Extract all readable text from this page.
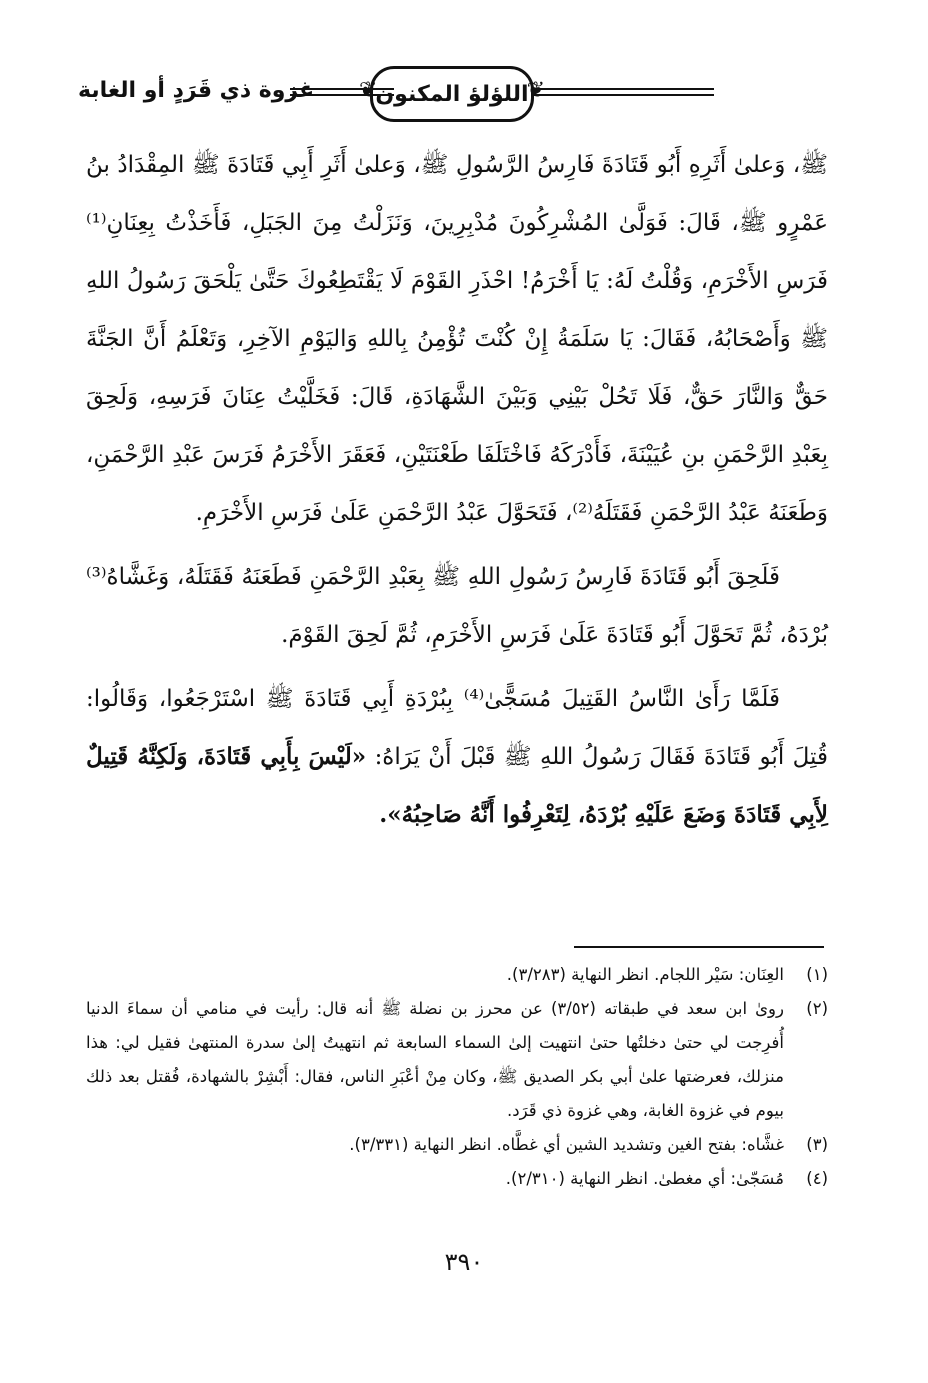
❦ اللؤلؤ المكنون
❦
غزوة ذي قَرَدٍ أو الغابة

ﷺ، وَعلىٰ أَثَرِهِ أَبُو قَتَادَةَ فَارِسُ الرَّسُولِ ﷺ، وَعلىٰ أَثَرِ أَبِي قَتَادَةَ ﷺ المِقْدَادُ بنُ عَمْرٍو ﷺ، قَالَ: فَوَلَّىٰ المُشْرِكُونَ مُدْبِرِينَ، وَنَزَلْتُ مِنَ الجَبَلِ، فَأَخَذْتُ بِعِنَانِ⁽¹⁾ فَرَسِ الأَخْرَمِ، وَقُلْتُ لَهُ: يَا أَخْرَمُ! احْذَرِ القَوْمَ لَا يَقْتَطِعُوكَ حَتَّىٰ يَلْحَقَ رَسُولُ اللهِ ﷺ وَأَصْحَابُهُ، فَقَالَ: يَا سَلَمَةُ إِنْ كُنْتَ تُؤْمِنُ بِاللهِ وَاليَوْمِ الآخِرِ، وَتَعْلَمُ أَنَّ الجَنَّةَ حَقٌّ وَالنَّارَ حَقٌّ، فَلَا تَحُلْ بَيْنِي وَبَيْنَ الشَّهَادَةِ، قَالَ: فَخَلَّيْتُ عِنَانَ فَرَسِهِ، وَلَحِقَ بِعَبْدِ الرَّحْمَنِ بنِ عُيَيْنَةَ، فَأَدْرَكَهُ فَاخْتَلَفَا طَعْنَتَيْنِ، فَعَقَرَ الأَخْرَمُ فَرَسَ عَبْدِ الرَّحْمَنِ، وَطَعَنَهُ عَبْدُ الرَّحْمَنِ فَقَتَلَهُ⁽²⁾، فَتَحَوَّلَ عَبْدُ الرَّحْمَنِ عَلَىٰ فَرَسِ الأَخْرَمِ.

فَلَحِقَ أَبُو قَتَادَةَ فَارِسُ رَسُولِ اللهِ ﷺ بِعَبْدِ الرَّحْمَنِ فَطَعَنَهُ فَقَتَلَهُ، وَغَشَّاهُ⁽³⁾ بُرْدَهُ، ثُمَّ تَحَوَّلَ أَبُو قَتَادَةَ عَلَىٰ فَرَسِ الأَخْرَمِ، ثُمَّ لَحِقَ القَوْمَ.

فَلَمَّا رَأَىٰ النَّاسُ القَتِيلَ مُسَجًّىٰ⁽⁴⁾ بِبُرْدَةِ أَبِي قَتَادَةَ ﷺ اسْتَرْجَعُوا، وَقَالُوا: قُتِلَ أَبُو قَتَادَةَ فَقَالَ رَسُولُ اللهِ ﷺ قَبْلَ أَنْ يَرَاهُ: «لَيْسَ بِأَبِي قَتَادَةَ، وَلَكِنَّهُ قَتِيلٌ لِأَبِي قَتَادَةَ وَضَعَ عَلَيْهِ بُرْدَهُ، لِتَعْرِفُوا أَنَّهُ صَاحِبُهُ».

(١)
العِنَان: سَيْر اللجام. انظر النهاية (٣/٢٨٣).
(٢)
روىٰ ابن سعد في طبقاته (٣/٥٢) عن محرز بن نضلة ﷺ أنه قال: رأيت في منامي أن سماءَ الدنيا أُفرِجت لي حتىٰ دخلتُها حتىٰ انتهيت إلىٰ السماء السابعة ثم انتهيتُ إلىٰ سدرة المنتهىٰ فقيل لي: هذا منزلك، فعرضتها علىٰ أبي بكر الصديق ﷺ، وكان مِنْ أعْبَرِ الناس، فقال: أَبْشِرْ بالشهادة، فُقتل بعد ذلك بيوم في غزوة الغابة، وهي غزوة ذي قَرَد.
(٣)
غشَّاه: بفتح الغين وتشديد الشين أي غطَّاه. انظر النهاية (٣/٣٣١).
(٤)
مُسَجّىٰ: أي مغطىٰ. انظر النهاية (٢/٣١٠).
٣٩٠
